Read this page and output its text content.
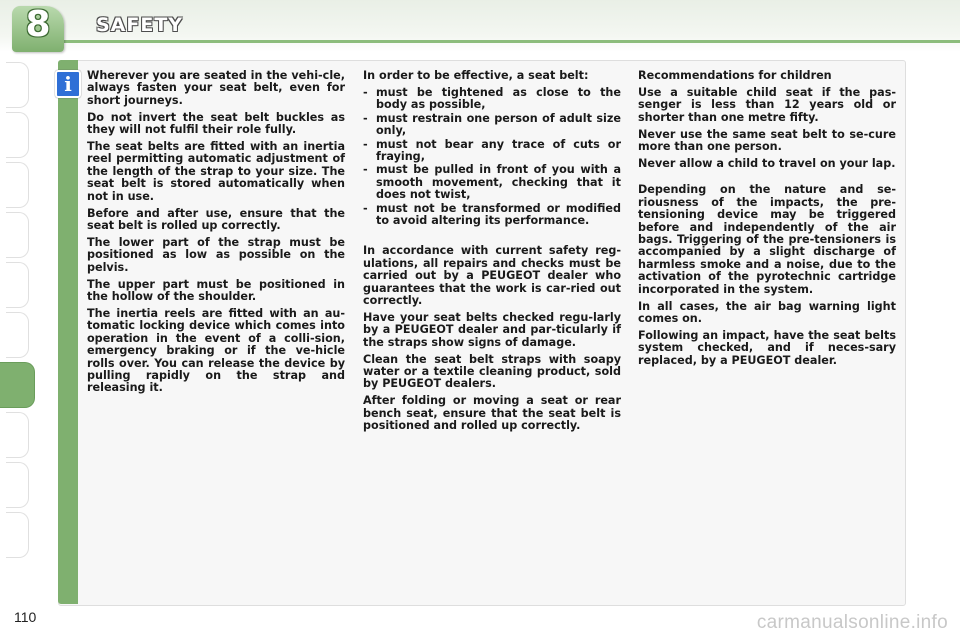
8	SAFETY
i	Wherever you are seated in the vehi-cle, always fasten your seat belt, even for short journeys.

Do not invert the seat belt buckles as they will not fulfil their role fully.

The seat belts are fitted with an inertia reel permitting automatic adjustment of the length of the strap to your size. The seat belt is stored automatically when not in use.

Before and after use, ensure that the seat belt is rolled up correctly.

The lower part of the strap must be positioned as low as possible on the pelvis.

The upper part must be positioned in the hollow of the shoulder.

The inertia reels are fitted with an au-tomatic locking device which comes into operation in the event of a colli-sion, emergency braking or if the ve-hicle rolls over. You can release the device by pulling rapidly on the strap and releasing it.

In order to be effective, a seat belt:

- must be tightened as close to the body as possible,
- must restrain one person of adult size only,
- must not bear any trace of cuts or fraying,
- must be pulled in front of you with a smooth movement, checking that it does not twist,
- must not be transformed or modified to avoid altering its performance.

In accordance with current safety reg-ulations, all repairs and checks must be carried out by a PEUGEOT dealer who guarantees that the work is car-ried out correctly.

Have your seat belts checked regu-larly by a PEUGEOT dealer and par-ticularly if the straps show signs of damage.

Clean the seat belt straps with soapy water or a textile cleaning product, sold by PEUGEOT dealers.

After folding or moving a seat or rear bench seat, ensure that the seat belt is positioned and rolled up correctly.

Recommendations for children

Use a suitable child seat if the pas-senger is less than 12 years old or shorter than one metre fifty.

Never use the same seat belt to se-cure more than one person.

Never allow a child to travel on your lap.

Depending on the nature and se-riousness of the impacts, the pre-tensioning device may be triggered before and independently of the air bags. Triggering of the pre-tensioners is accompanied by a slight discharge of harmless smoke and a noise, due to the activation of the pyrotechnic cartridge incorporated in the system.

In all cases, the air bag warning light comes on.

Following an impact, have the seat belts system checked, and if neces-sary replaced, by a PEUGEOT dealer.

110	carmanualsonline.info
